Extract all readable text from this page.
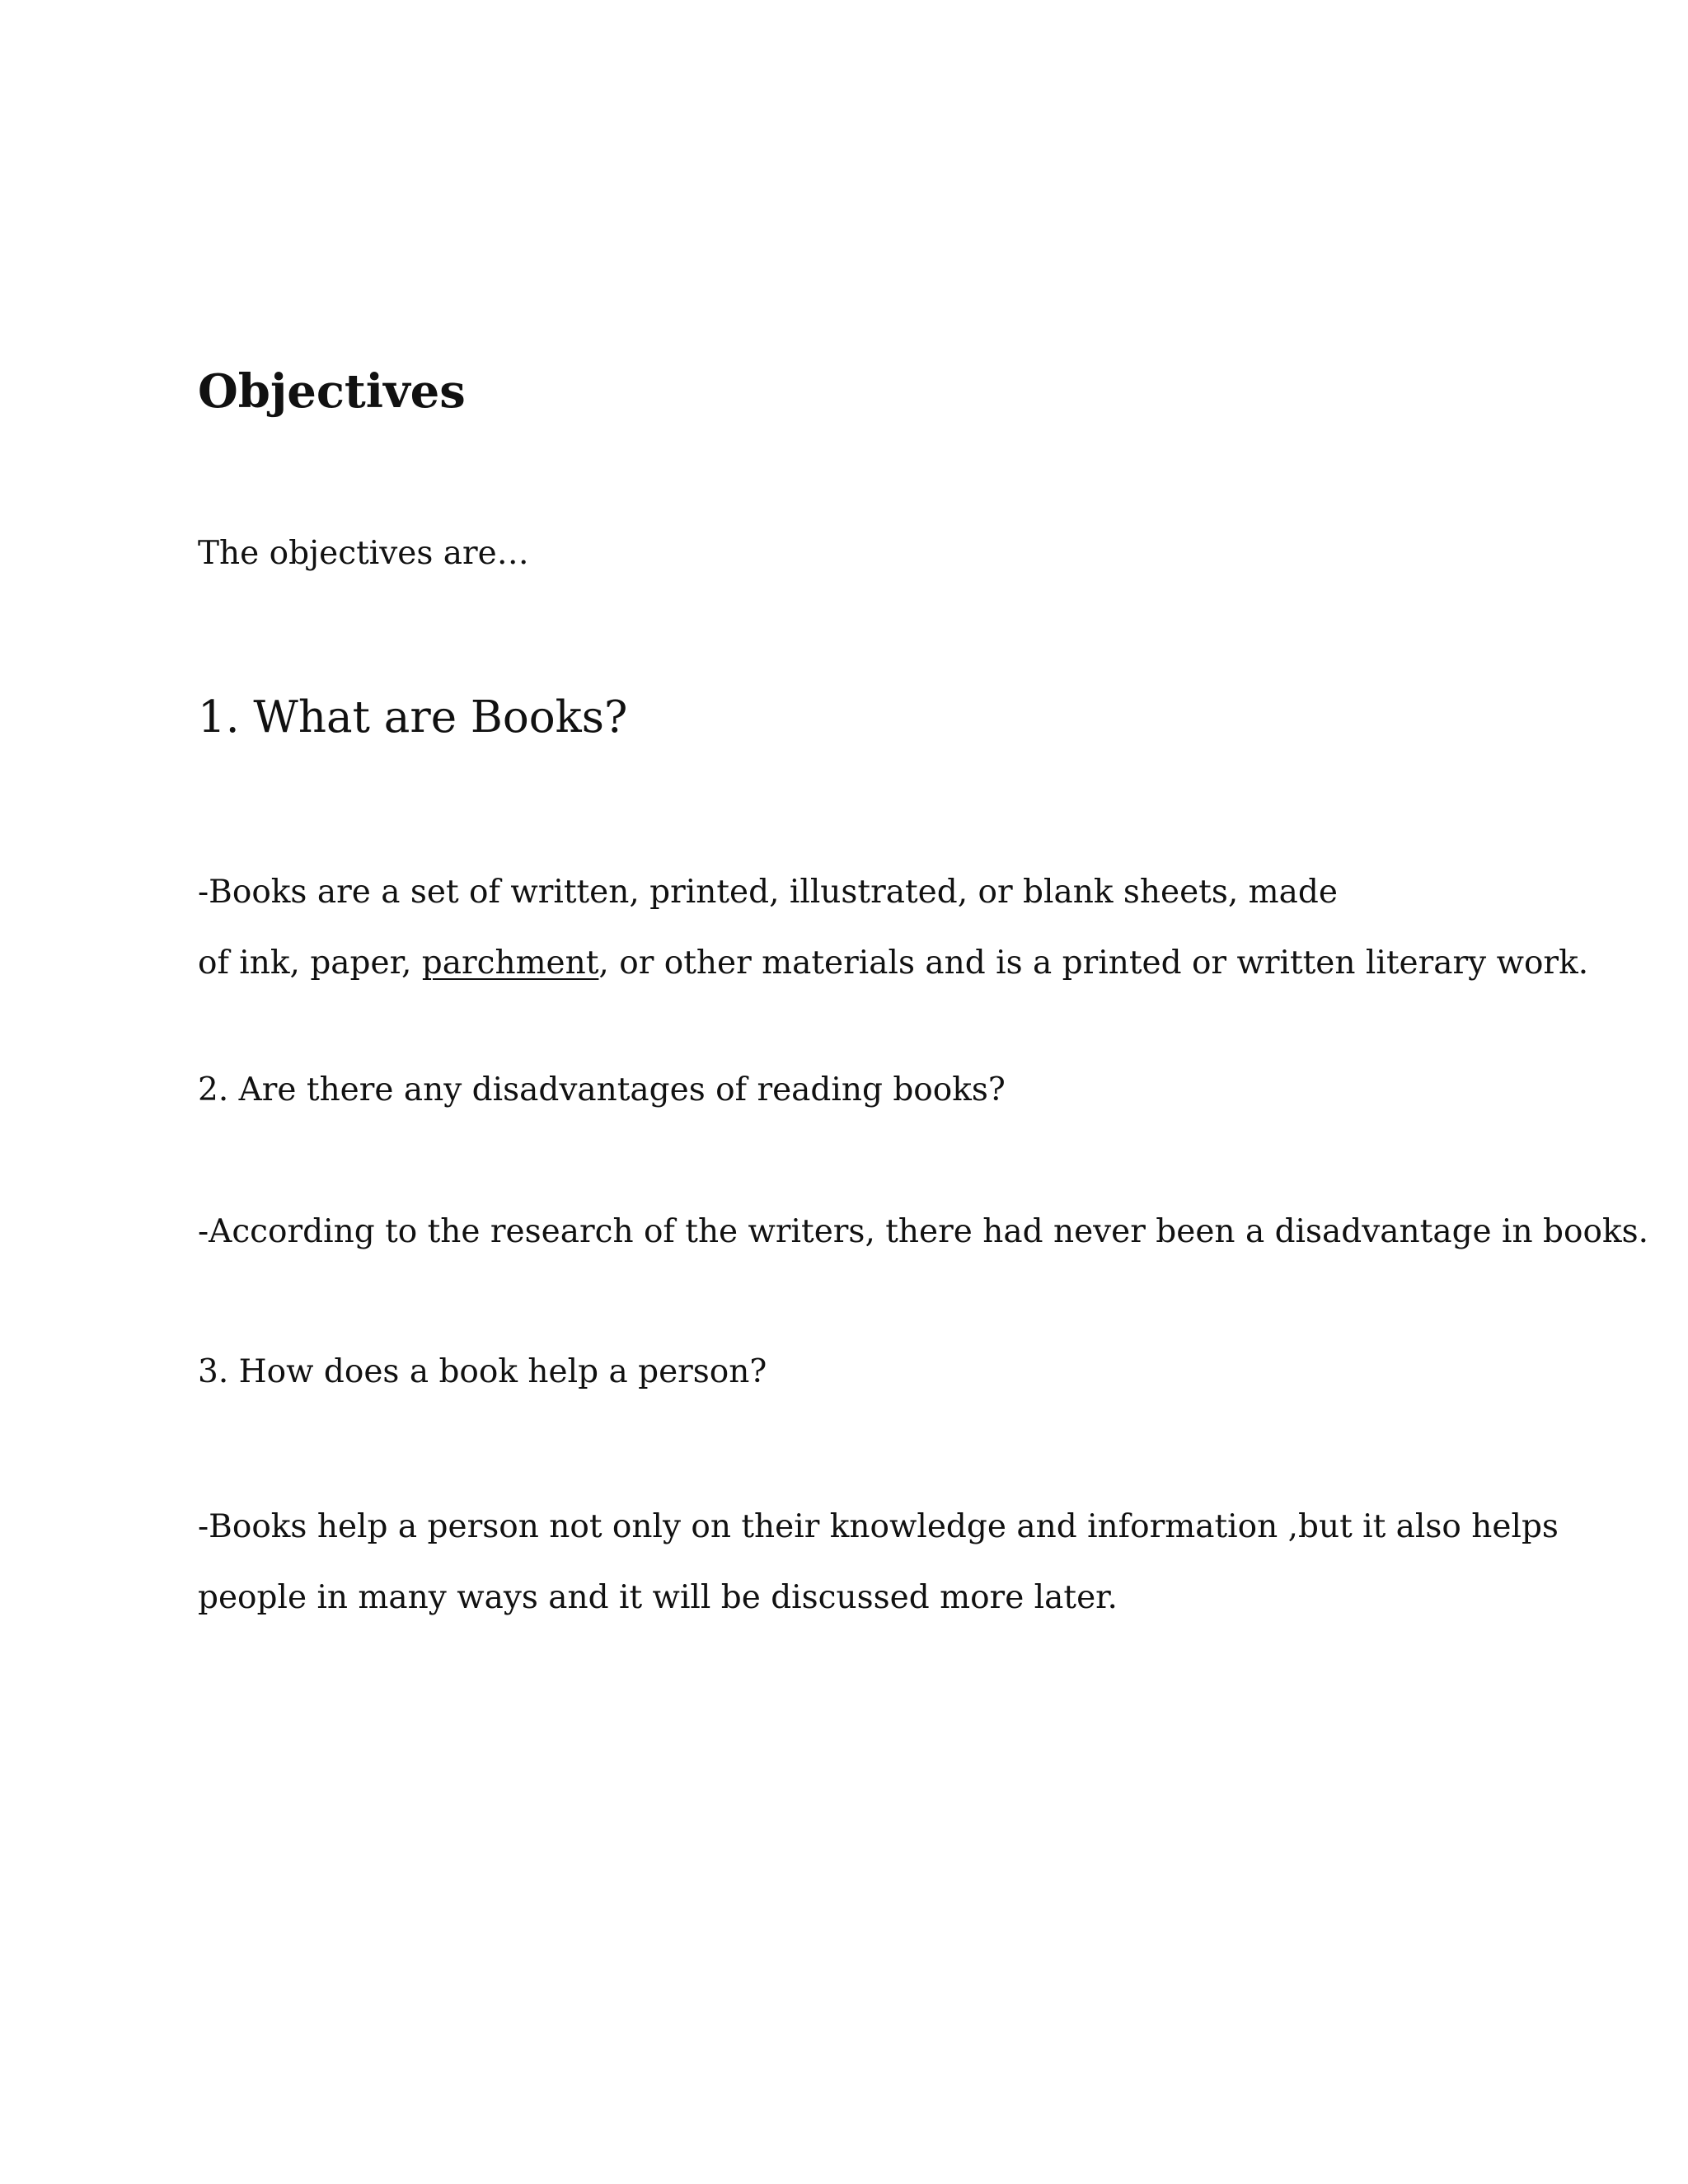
Objectives

The objectives are…

1. What are Books?

-Books are a set of written, printed, illustrated, or blank sheets, made
of ink, paper, parchment, or other materials and is a printed or written literary work.

2. Are there any disadvantages of reading books?

-According to the research of the writers, there had never been a disadvantage in books.

3. How does a book help a person?

-Books help a person not only on their knowledge and information ,but it also helps
people in many ways and it will be discussed more later.
